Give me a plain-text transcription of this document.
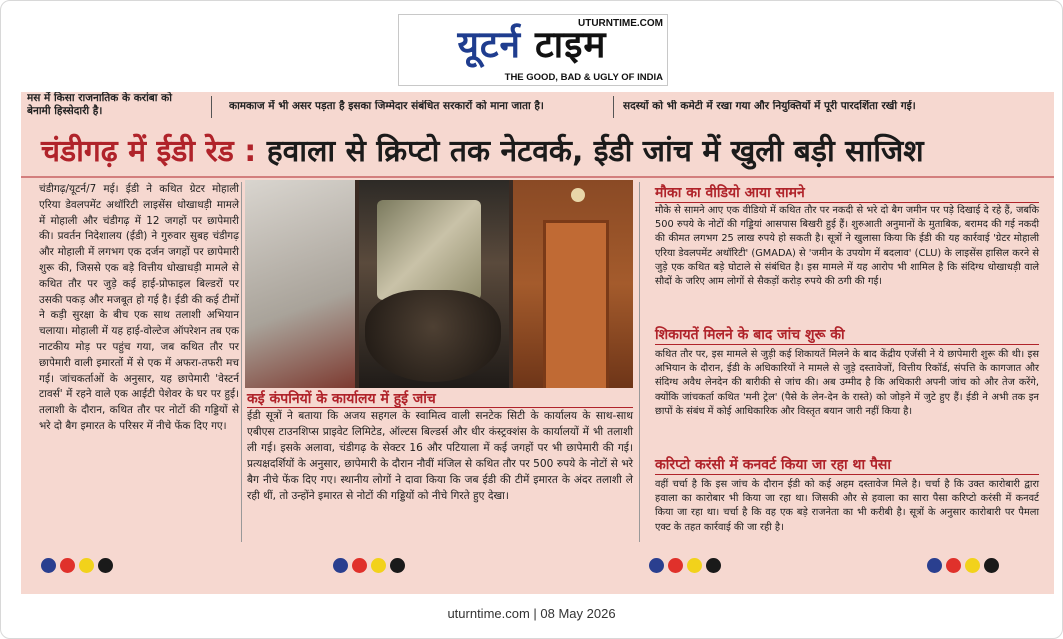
UTURNTIME.COM
यूटर्न टाइम
THE GOOD, BAD & UGLY OF INDIA
मस में किसा राजनातिक के करांबा को
बेनामी हिस्सेदारी है।	कामकाज में भी असर पड़ता है इसका जिम्मेदार संबंधित सरकारों को माना जाता है।	सदस्यों को भी कमेटी में रखा गया और नियुक्तियों में पूरी पारदर्शिता रखी गई।
चंडीगढ़ में ईडी रेड : हवाला से क्रिप्टो तक नेटवर्क, ईडी जांच में खुली बड़ी साजिश
चंडीगढ़/यूटर्न/7 मई। ईडी ने कथित ग्रेटर मोहाली एरिया डेवलपमेंट अथॉरिटी लाइसेंस धोखाधड़ी मामले में मोहाली और चंडीगढ़ में 12 जगहों पर छापेमारी की। प्रवर्तन निदेशालय (ईडी) ने गुरुवार सुबह चंडीगढ़ और मोहाली में लगभग एक दर्जन जगहों पर छापेमारी शुरू की, जिससे एक बड़े वित्तीय धोखाधड़ी मामले से कथित तौर पर जुड़े कई हाई-प्रोफाइल बिल्डरों पर उसकी पकड़ और मजबूत हो गई है। ईडी की कई टीमों ने कड़ी सुरक्षा के बीच एक साथ तलाशी अभियान चलाया। मोहाली में यह हाई-वोल्टेज ऑपरेशन तब एक नाटकीय मोड़ पर पहुंच गया, जब कथित तौर पर छापेमारी वाली इमारतों में से एक में अफरा-तफरी मच गई। जांचकर्ताओं के अनुसार, यह छापेमारी 'वेस्टर्न टावर्स' में रहने वाले एक आईटी पेशेवर के घर पर हुई। तलाशी के दौरान, कथित तौर पर नोटों की गड्डियों से भरे दो बैग इमारत के परिसर में नीचे फेंक दिए गए।
कई कंपनियों के कार्यालय में हुई जांच
ईडी सूत्रों ने बताया कि अजय सहगल के स्वामित्व वाली सनटेक सिटी के कार्यालय के साथ-साथ एबीएस टाउनशिप्स प्राइवेट लिमिटेड, ऑल्टस बिल्डर्स और धीर कंस्ट्रक्शंस के कार्यालयों में भी तलाशी ली गई। इसके अलावा, चंडीगढ़ के सेक्टर 16 और पटियाला में कई जगहों पर भी छापेमारी की गई। प्रत्यक्षदर्शियों के अनुसार, छापेमारी के दौरान नौवीं मंजिल से कथित तौर पर 500 रुपये के नोटों से भरे बैग नीचे फेंक दिए गए। स्थानीय लोगों ने दावा किया कि जब ईडी की टीमें इमारत के अंदर तलाशी ले रही थीं, तो उन्होंने इमारत से नोटों की गड्डियों को नीचे गिरते हुए देखा।
मौका का वीडियो आया सामने
मौके से सामने आए एक वीडियो में कथित तौर पर नकदी से भरे दो बैग जमीन पर पड़े दिखाई दे रहे हैं, जबकि 500 रुपये के नोटों की गड्डियां आसपास बिखरी हुई हैं। शुरुआती अनुमानों के मुताबिक, बरामद की गई नकदी की कीमत लगभग 25 लाख रुपये हो सकती है। सूत्रों ने खुलासा किया कि ईडी की यह कार्रवाई 'ग्रेटर मोहाली एरिया डेवलपमेंट अथॉरिटी' (GMADA) से 'जमीन के उपयोग में बदलाव' (CLU) के लाइसेंस हासिल करने से जुड़े एक कथित बड़े घोटाले से संबंधित है। इस मामले में यह आरोप भी शामिल है कि संदिग्ध धोखाधड़ी वाले सौदों के जरिए आम लोगों से सैकड़ों करोड़ रुपये की ठगी की गई।
शिकायतें मिलने के बाद जांच शुरू की
कथित तौर पर, इस मामले से जुड़ी कई शिकायतें मिलने के बाद केंद्रीय एजेंसी ने ये छापेमारी शुरू की थी। इस अभियान के दौरान, ईडी के अधिकारियों ने मामले से जुड़े दस्तावेजों, वित्तीय रिकॉर्ड, संपत्ति के कागजात और संदिग्ध अवैध लेनदेन की बारीकी से जांच की। अब उम्मीद है कि अधिकारी अपनी जांच को और तेज करेंगे, क्योंकि जांचकर्ता कथित 'मनी ट्रेल' (पैसे के लेन-देन के रास्ते) को जोड़ने में जुटे हुए हैं। ईडी ने अभी तक इन छापों के संबंध में कोई आधिकारिक और विस्तृत बयान जारी नहीं किया है।
करिप्टो करंसी में कनवर्ट किया जा रहा था पैसा
वहीं चर्चा है कि इस जांच के दौरान ईडी को कई अहम दस्तावेज मिले है। चर्चा है कि उक्त कारोबारी द्वारा हवाला का कारोबार भी किया जा रहा था। जिसकी और से हवाला का सारा पैसा करिप्टो करंसी में कनवर्ट किया जा रहा था। चर्चा है कि वह एक बड़े राजनेता का भी करीबी है। सूत्रों के अनुसार कारोबारी पर पैमला एक्ट के तहत कार्रवाई की जा रही है।
uturntime.com | 08 May 2026
